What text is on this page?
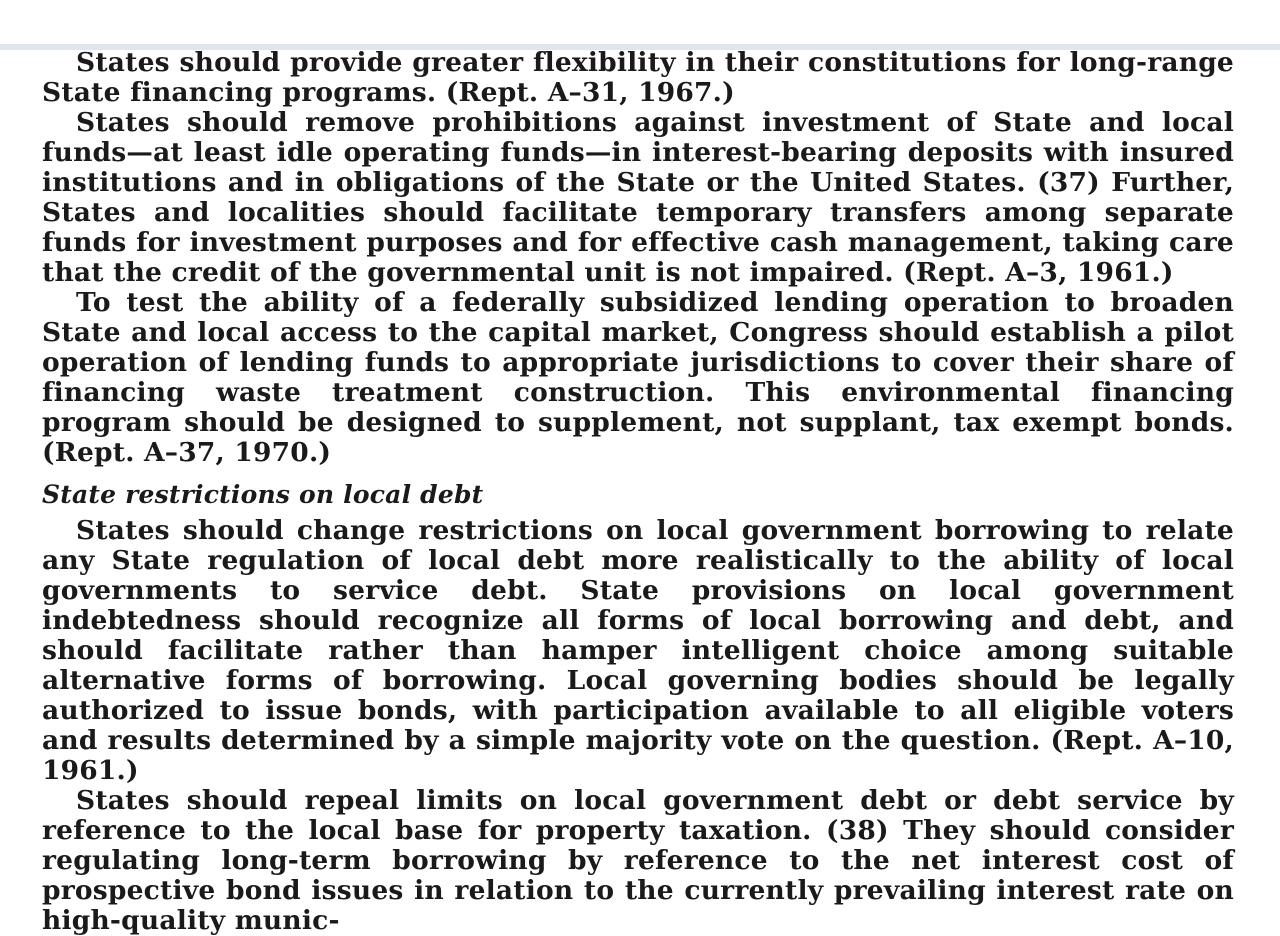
States should provide greater flexibility in their constitutions for long-range State financing programs. (Rept. A–31, 1967.)

States should remove prohibitions against investment of State and local funds—at least idle operating funds—in interest-bearing deposits with insured institutions and in obligations of the State or the United States. (37) Further, States and localities should facilitate temporary transfers among separate funds for investment purposes and for effective cash management, taking care that the credit of the governmental unit is not impaired. (Rept. A–3, 1961.)

To test the ability of a federally subsidized lending operation to broaden State and local access to the capital market, Congress should establish a pilot operation of lending funds to appropriate jurisdictions to cover their share of financing waste treatment construction. This environmental financing program should be designed to supplement, not supplant, tax exempt bonds. (Rept. A–37, 1970.)

State restrictions on local debt

States should change restrictions on local government borrowing to relate any State regulation of local debt more realistically to the ability of local governments to service debt. State provisions on local government indebtedness should recognize all forms of local borrowing and debt, and should facilitate rather than hamper intelligent choice among suitable alternative forms of borrowing. Local governing bodies should be legally authorized to issue bonds, with participation available to all eligible voters and results determined by a simple majority vote on the question. (Rept. A–10, 1961.)

States should repeal limits on local government debt or debt service by reference to the local base for property taxation. (38) They should consider regulating long-term borrowing by reference to the net interest cost of prospective bond issues in relation to the currently prevailing interest rate on high-quality munic-
